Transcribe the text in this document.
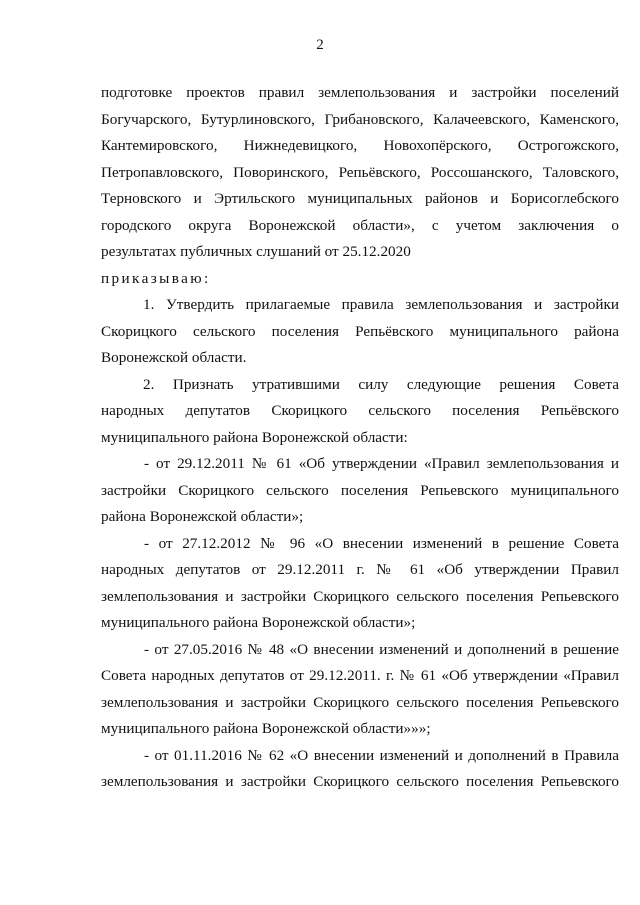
2
подготовке проектов правил землепользования и застройки поселений
Богучарского, Бутурлиновского, Грибановского, Калачеевского, Каменского,
Кантемировского, Нижнедевицкого, Новохопёрского, Острогожского,
Петропавловского, Поворинского, Репьёвского, Россошанского, Таловского,
Терновского и Эртильского муниципальных районов и Борисоглебского
городского округа Воронежской области», с учетом заключения о
результатах публичных слушаний от 25.12.2020
приказываю:
1. Утвердить прилагаемые правила землепользования и застройки
Скорицкого сельского поселения Репьёвского муниципального района
Воронежской области.
2. Признать утратившими силу следующие решения Совета
народных депутатов Скорицкого сельского поселения Репьёвского
муниципального района Воронежской области:
- от 29.12.2011 № 61 «Об утверждении «Правил землепользования и
застройки Скорицкого сельского поселения Репьевского муниципального
района Воронежской области»;
- от 27.12.2012 № 96 «О внесении изменений в решение Совета
народных депутатов от 29.12.2011 г. № 61 «Об утверждении Правил
землепользования и застройки Скорицкого сельского поселения Репьевского
муниципального района Воронежской области»;
- от 27.05.2016 № 48 «О внесении изменений и дополнений в решение
Совета народных депутатов от 29.12.2011. г. № 61 «Об утверждении «Правил
землепользования и застройки Скорицкого сельского поселения Репьевского
муниципального района Воронежской области»»»;
- от 01.11.2016 № 62 «О внесении изменений и дополнений в Правила
землепользования и застройки Скорицкого сельского поселения Репьевского
